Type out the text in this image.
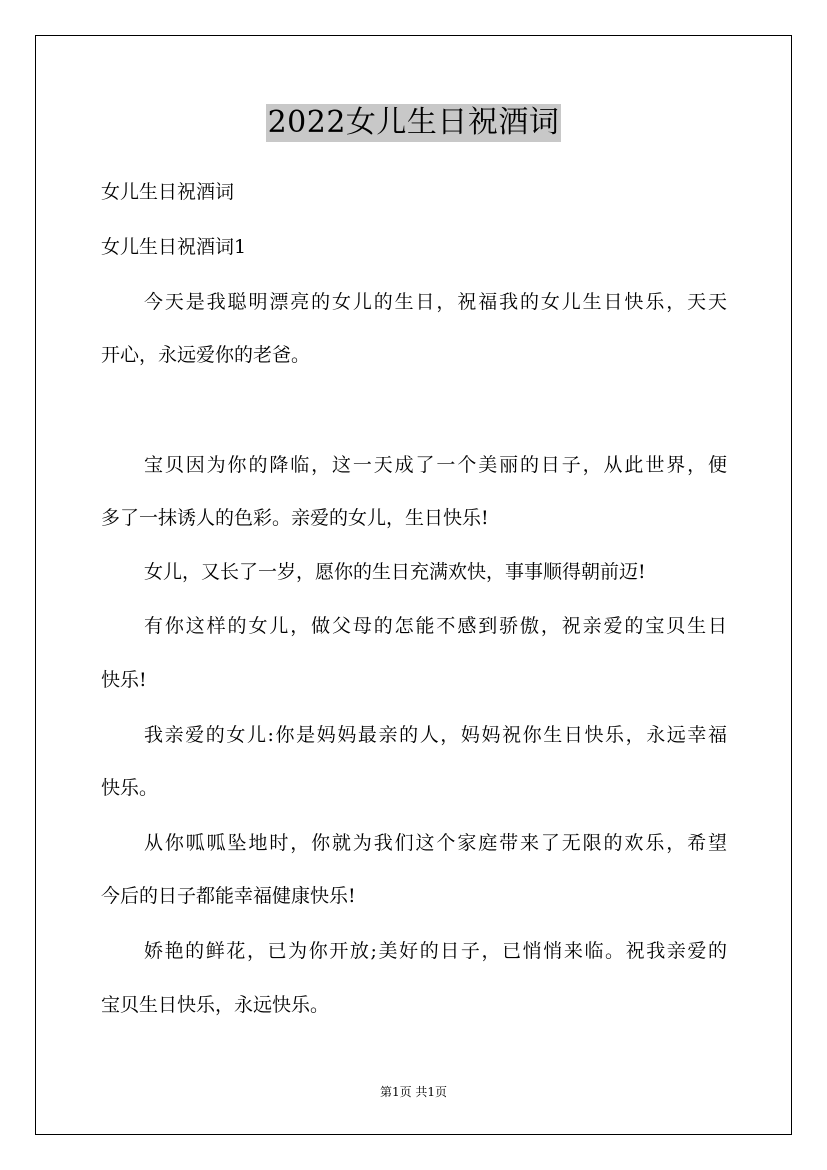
2022女儿生日祝酒词
女儿生日祝酒词
女儿生日祝酒词1
今天是我聪明漂亮的女儿的生日，祝福我的女儿生日快乐，天天
开心，永远爱你的老爸。
宝贝因为你的降临，这一天成了一个美丽的日子，从此世界，便
多了一抹诱人的色彩。亲爱的女儿，生日快乐!
女儿，又长了一岁，愿你的生日充满欢快，事事顺得朝前迈!
有你这样的女儿，做父母的怎能不感到骄傲，祝亲爱的宝贝生日
快乐!
我亲爱的女儿:你是妈妈最亲的人，妈妈祝你生日快乐，永远幸福
快乐。
从你呱呱坠地时，你就为我们这个家庭带来了无限的欢乐，希望
今后的日子都能幸福健康快乐!
娇艳的鲜花，已为你开放;美好的日子，已悄悄来临。祝我亲爱的
宝贝生日快乐，永远快乐。
第1页 共1页
